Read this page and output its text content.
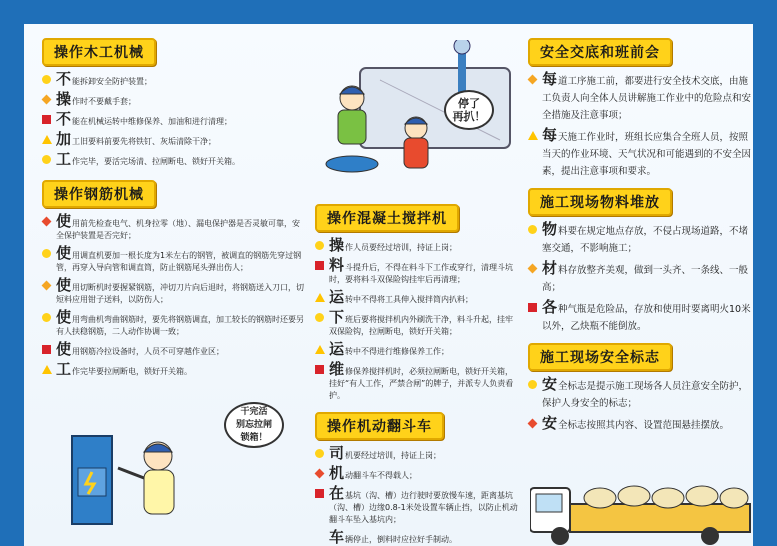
操作木工机械
不能拆卸安全防护装置；
操作时不要戴手套；
不能在机械运转中维修保养、加油和进行清理；
加工旧要料前要先将铁钉、灰垢清除干净；
工作完毕，要活完场清、拉闸断电、锁好开关箱。
操作钢筋机械
使用前先检查电气、机身拉零（地）、漏电保护器是否灵敏可靠，安全保护装置是否完好；
使用调直机要加一根长度为1米左右的钢管，被调直的钢筋先穿过钢管，再穿入导向管和调直筒，防止钢筋尾头弹出伤人；
使用切断机时要握紧钢筋，冲切刀片向后退时，将钢筋送入刀口，切短料应用钳子送料，以防伤人；
使用弯曲机弯曲钢筋时，要先将钢筋调直，加工较长的钢筋时还要另有人扶稳钢筋，二人动作协调一致；
使用钢筋冷拉设备时，人员不可穿越作业区；
工作完毕要拉闸断电，锁好开关箱。
干完活
别忘拉闸
锁箱！
停了
再扒！
操作混凝土搅拌机
操作人员要经过培训，持证上岗；
料斗提升后，不得在料斗下工作或穿行，清理斗坑时，要将料斗双保险钩挂牢后再清理；
运转中不得将工具伸入搅拌筒内扒料；
下班后要将搅拌机内外刷洗干净，料斗升起，挂牢双保险钩，拉闸断电，锁好开关箱；
运转中不得进行维修保养工作；
维修保养搅拌机时，必须拉闸断电，锁好开关箱，挂好“有人工作，严禁合闸”的牌子，并派专人负责看护。
操作机动翻斗车
司机要经过培训，持证上岗；
机动翻斗车不得载人；
在基坑（沟、槽）边行驶时要放慢车速，距离基坑（沟、槽）边缘0.8-1米处设置车辆止挡，以防止机动翻斗车坠入基坑内；
车辆停止，倒料时应拉好手制动。
安全交底和班前会
每道工序施工前，都要进行安全技术交底，由施工负责人向全体人员讲解施工作业中的危险点和安全措施及注意事项；
每天施工作业时，班组长应集合全班人员，按照当天的作业环境、天气状况和可能遇到的不安全因素，提出注意事项和要求。
施工现场物料堆放
物料要在规定地点存放，不侵占现场道路，不堵塞交通，不影响施工；
材料存放整齐美观，做到一头齐、一条线、一般高；
各种气瓶是危险品，存放和使用时要离明火10米以外，乙炔瓶不能倒放。
施工现场安全标志
安全标志是提示施工现场各人员注意安全防护，保护人身安全的标志；
安全标志按照其内容、设置范围悬挂摆放。
